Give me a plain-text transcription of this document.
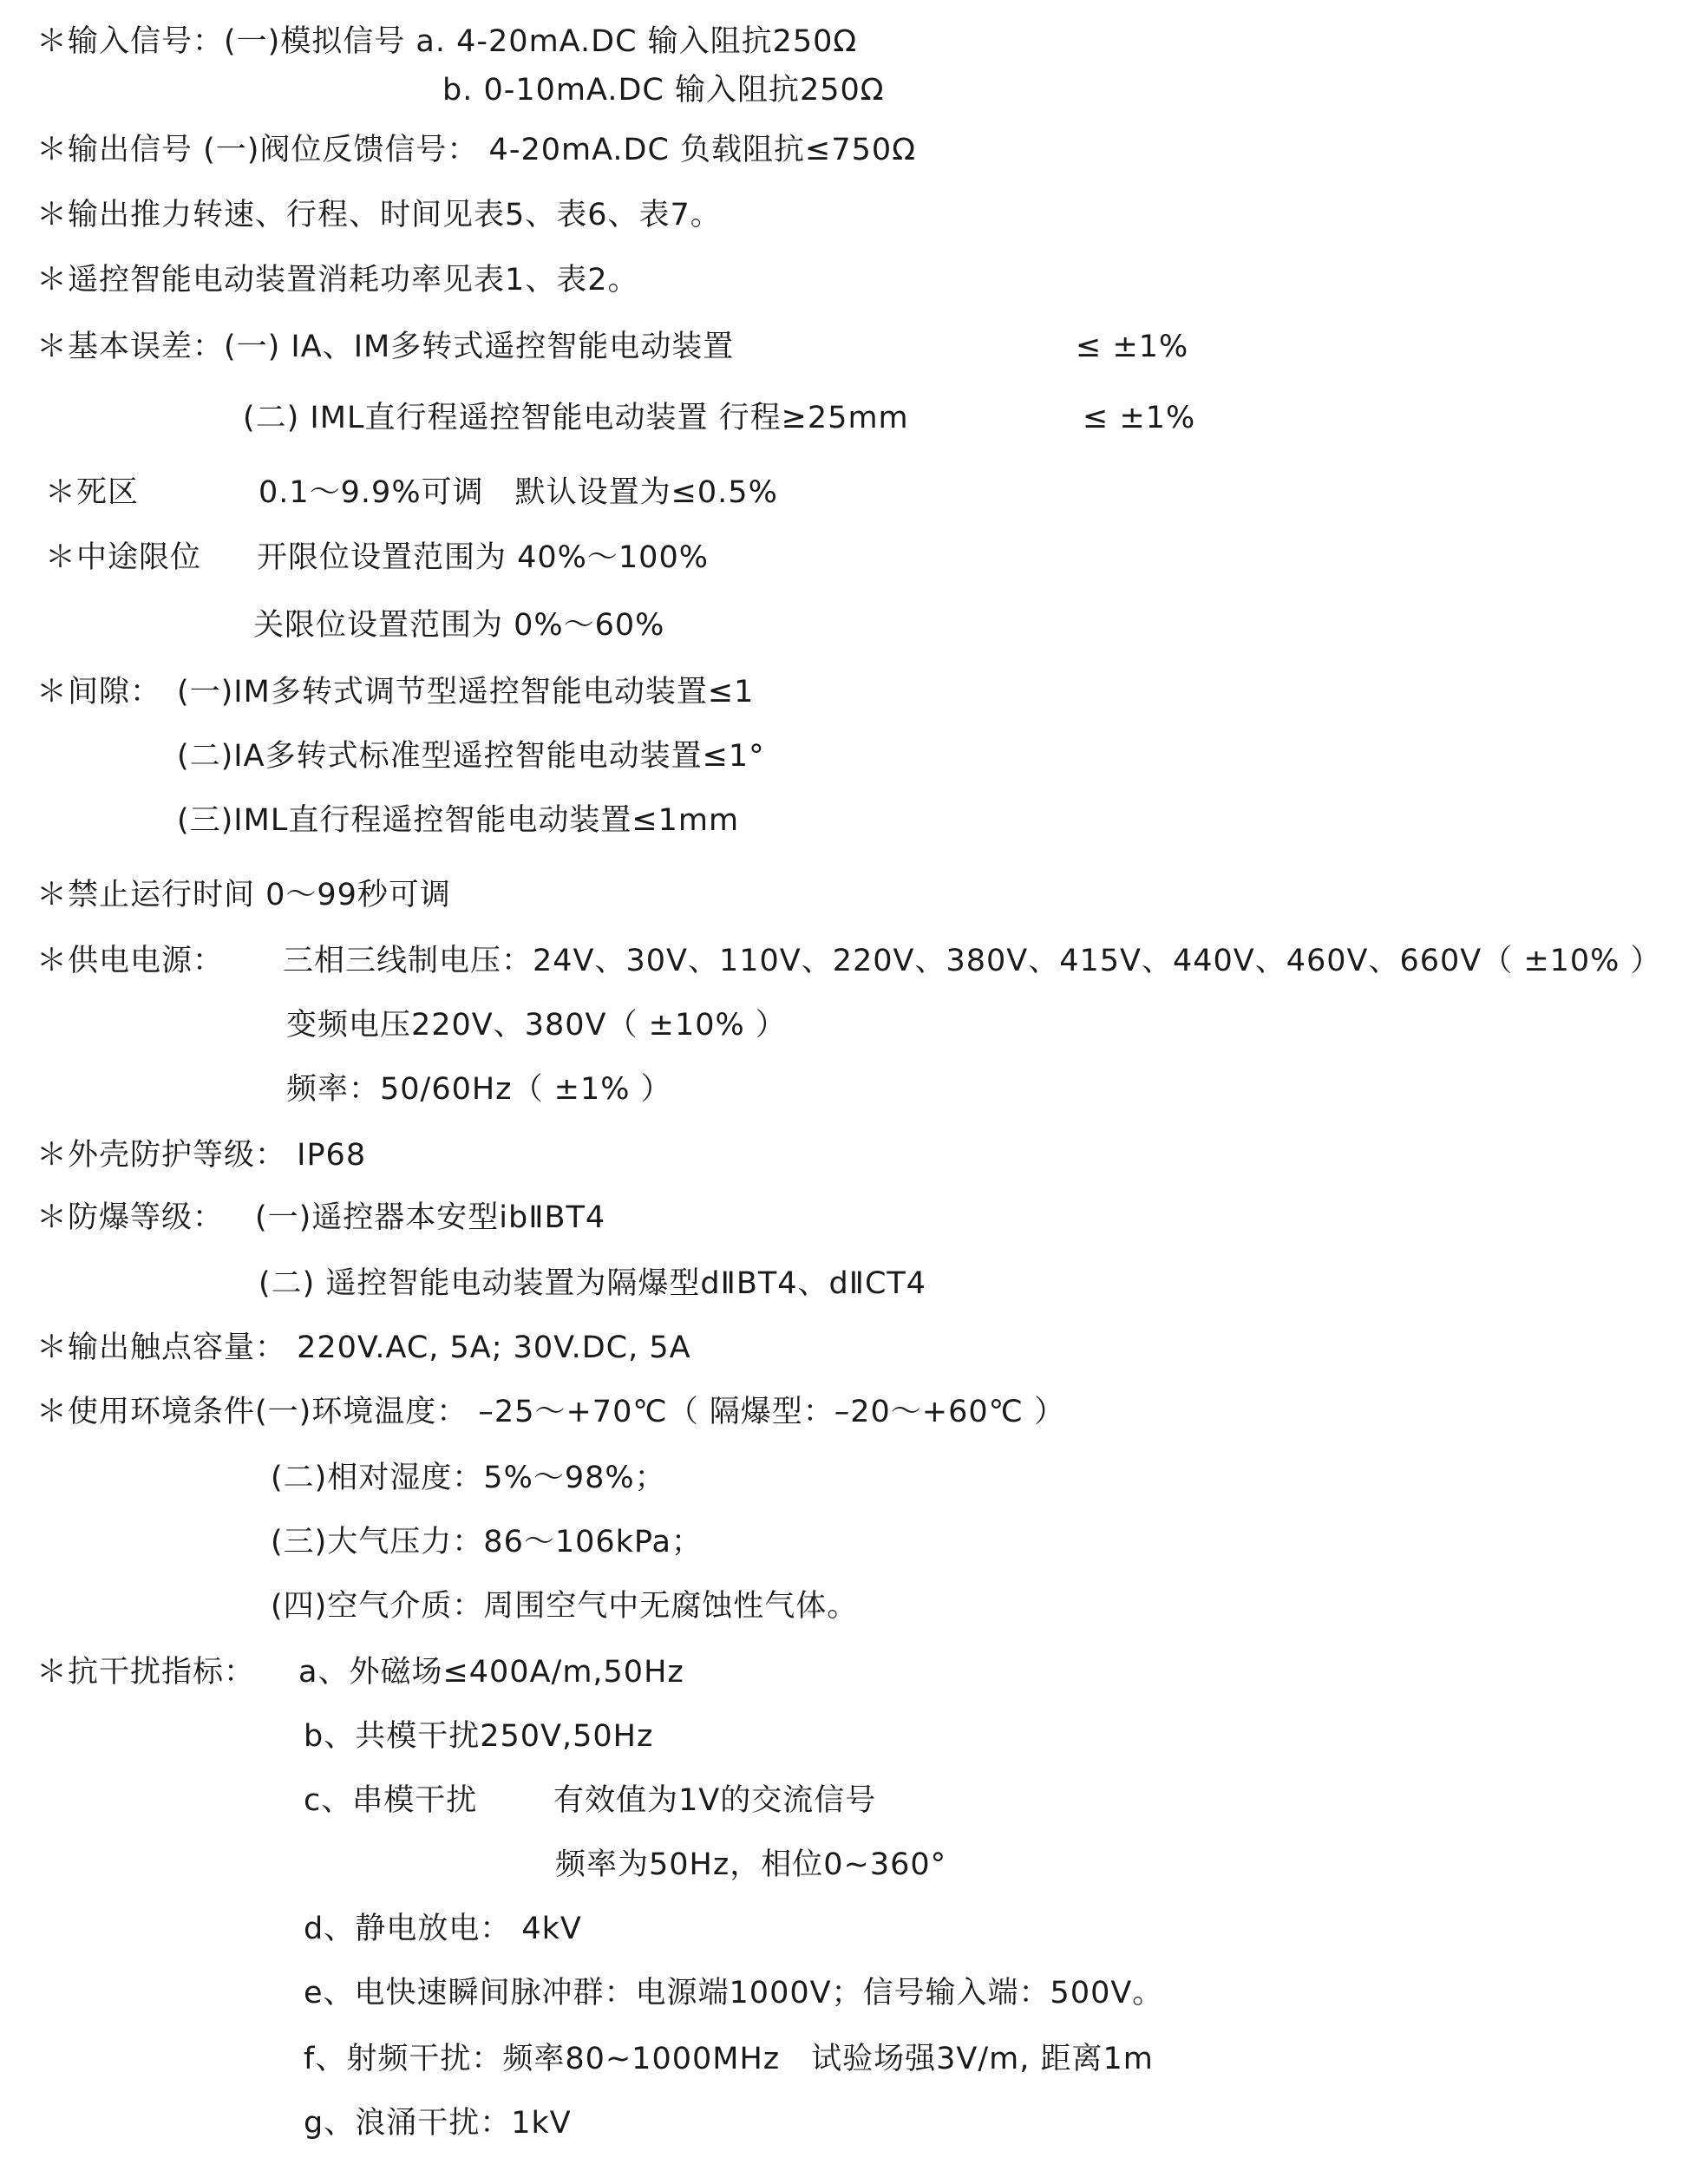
＊输入信号：(一)模拟信号 a. 4-20mA.DC 输入阻抗250Ω
b. 0-10mA.DC 输入阻抗250Ω
＊输出信号 (一)阀位反馈信号： 4-20mA.DC 负载阻抗≤750Ω
＊输出推力转速、行程、时间见表5、表6、表7。
＊遥控智能电动装置消耗功率见表1、表2。
＊基本误差：(一) IA、IM多转式遥控智能电动装置	≤ ±1%
(二) IML直行程遥控智能电动装置 行程≥25mm	≤ ±1%
＊死区	0.1～9.9%可调　默认设置为≤0.5%
＊中途限位 开限位设置范围为 40%～100%
关限位设置范围为 0%～60%
＊间隙： (一)IM多转式调节型遥控智能电动装置≤1
(二)IA多转式标准型遥控智能电动装置≤1°
(三)IML直行程遥控智能电动装置≤1mm
＊禁止运行时间 0～99秒可调
＊供电电源： 三相三线制电压：24V、30V、110V、220V、380V、415V、440V、460V、660V（ ±10% ）
变频电压220V、380V（ ±10% ）
频率：50/60Hz（ ±1% ）
＊外壳防护等级： IP68
＊防爆等级： (一)遥控器本安型ibⅡBT4
(二) 遥控智能电动装置为隔爆型dⅡBT4、dⅡCT4
＊输出触点容量： 220V.AC, 5A; 30V.DC, 5A
＊使用环境条件(一)环境温度： –25～+70℃（ 隔爆型：–20～+60℃ ）
(二)相对湿度：5%～98%；
(三)大气压力：86～106kPa；
(四)空气介质：周围空气中无腐蚀性气体。
＊抗干扰指标： a、外磁场≤400A/m,50Hz
b、共模干扰250V,50Hz
c、串模干扰	有效值为1V的交流信号
频率为50Hz，相位0~360°
d、静电放电： 4kV
e、电快速瞬间脉冲群：电源端1000V；信号输入端：500V。
f、射频干扰：频率80~1000MHz　试验场强3V/m, 距离1m
g、浪涌干扰：1kV
